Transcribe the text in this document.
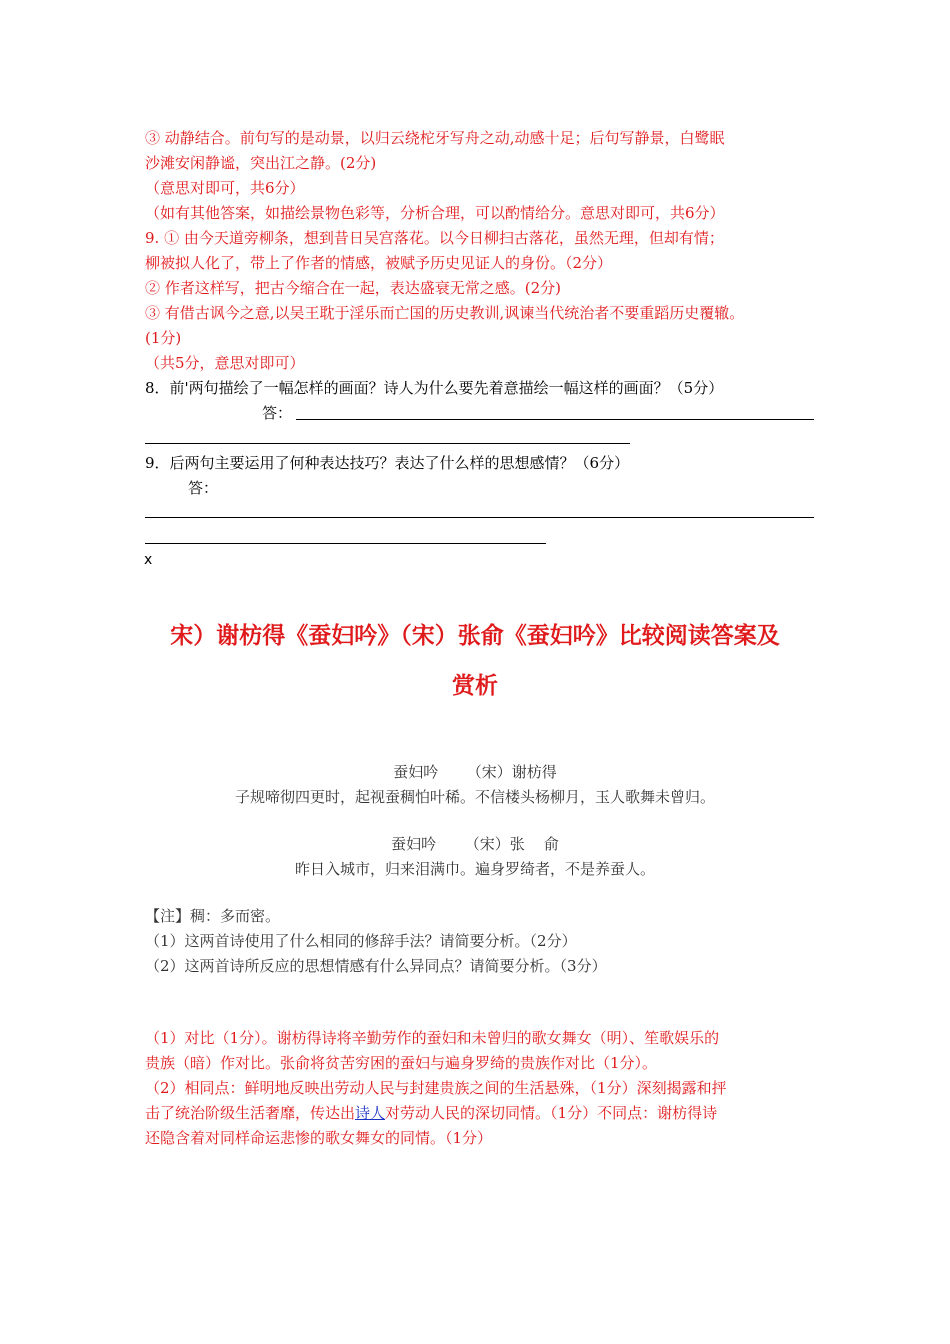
③ 动静结合。前句写的是动景，以归云绕柁牙写舟之动,动感十足；后句写静景，白鹭眠
沙滩安闲静谧，突出江之静。(2分)
（意思对即可，共6分）
（如有其他答案，如描绘景物色彩等，分析合理，可以酌情给分。意思对即可，共6分）
9. ① 由今天道旁柳条，想到昔日吴宫落花。以今日柳扫古落花，虽然无理，但却有情；
柳被拟人化了，带上了作者的情感，被赋予历史见证人的身份。（2分）
② 作者这样写，把古今缩合在一起，表达盛衰无常之感。(2分)
③ 有借古讽今之意,以吴王耽于淫乐而亡国的历史教训,讽谏当代统治者不要重蹈历史覆辙。
(1分)
（共5分，意思对即可）
8．前'两句描绘了一幅怎样的画面？诗人为什么要先着意描绘一幅这样的画面？（5分）
答：
9．后两句主要运用了何种表达技巧？表达了什么样的思想感情？（6分）
答：
x
宋）谢枋得《蚕妇吟》（宋）张俞《蚕妇吟》比较阅读答案及
赏析
蚕妇吟      （宋）谢枋得
子规啼彻四更时，起视蚕稠怕叶稀。不信楼头杨柳月，玉人歌舞未曾归。
蚕妇吟      （宋）张    俞
昨日入城市，归来泪满巾。遍身罗绮者，不是养蚕人。
【注】稠：多而密。
（1）这两首诗使用了什么相同的修辞手法？请简要分析。（2分）
（2）这两首诗所反应的思想情感有什么异同点？请简要分析。（3分）
（1）对比（1分）。谢枋得诗将辛勤劳作的蚕妇和未曾归的歌女舞女（明）、笙歌娱乐的
贵族（暗）作对比。张俞将贫苦穷困的蚕妇与遍身罗绮的贵族作对比（1分）。
（2）相同点：鲜明地反映出劳动人民与封建贵族之间的生活悬殊，（1分）深刻揭露和抨
击了统治阶级生活奢靡，传达出诗人对劳动人民的深切同情。（1分）不同点：谢枋得诗
还隐含着对同样命运悲惨的歌女舞女的同情。（1分）
